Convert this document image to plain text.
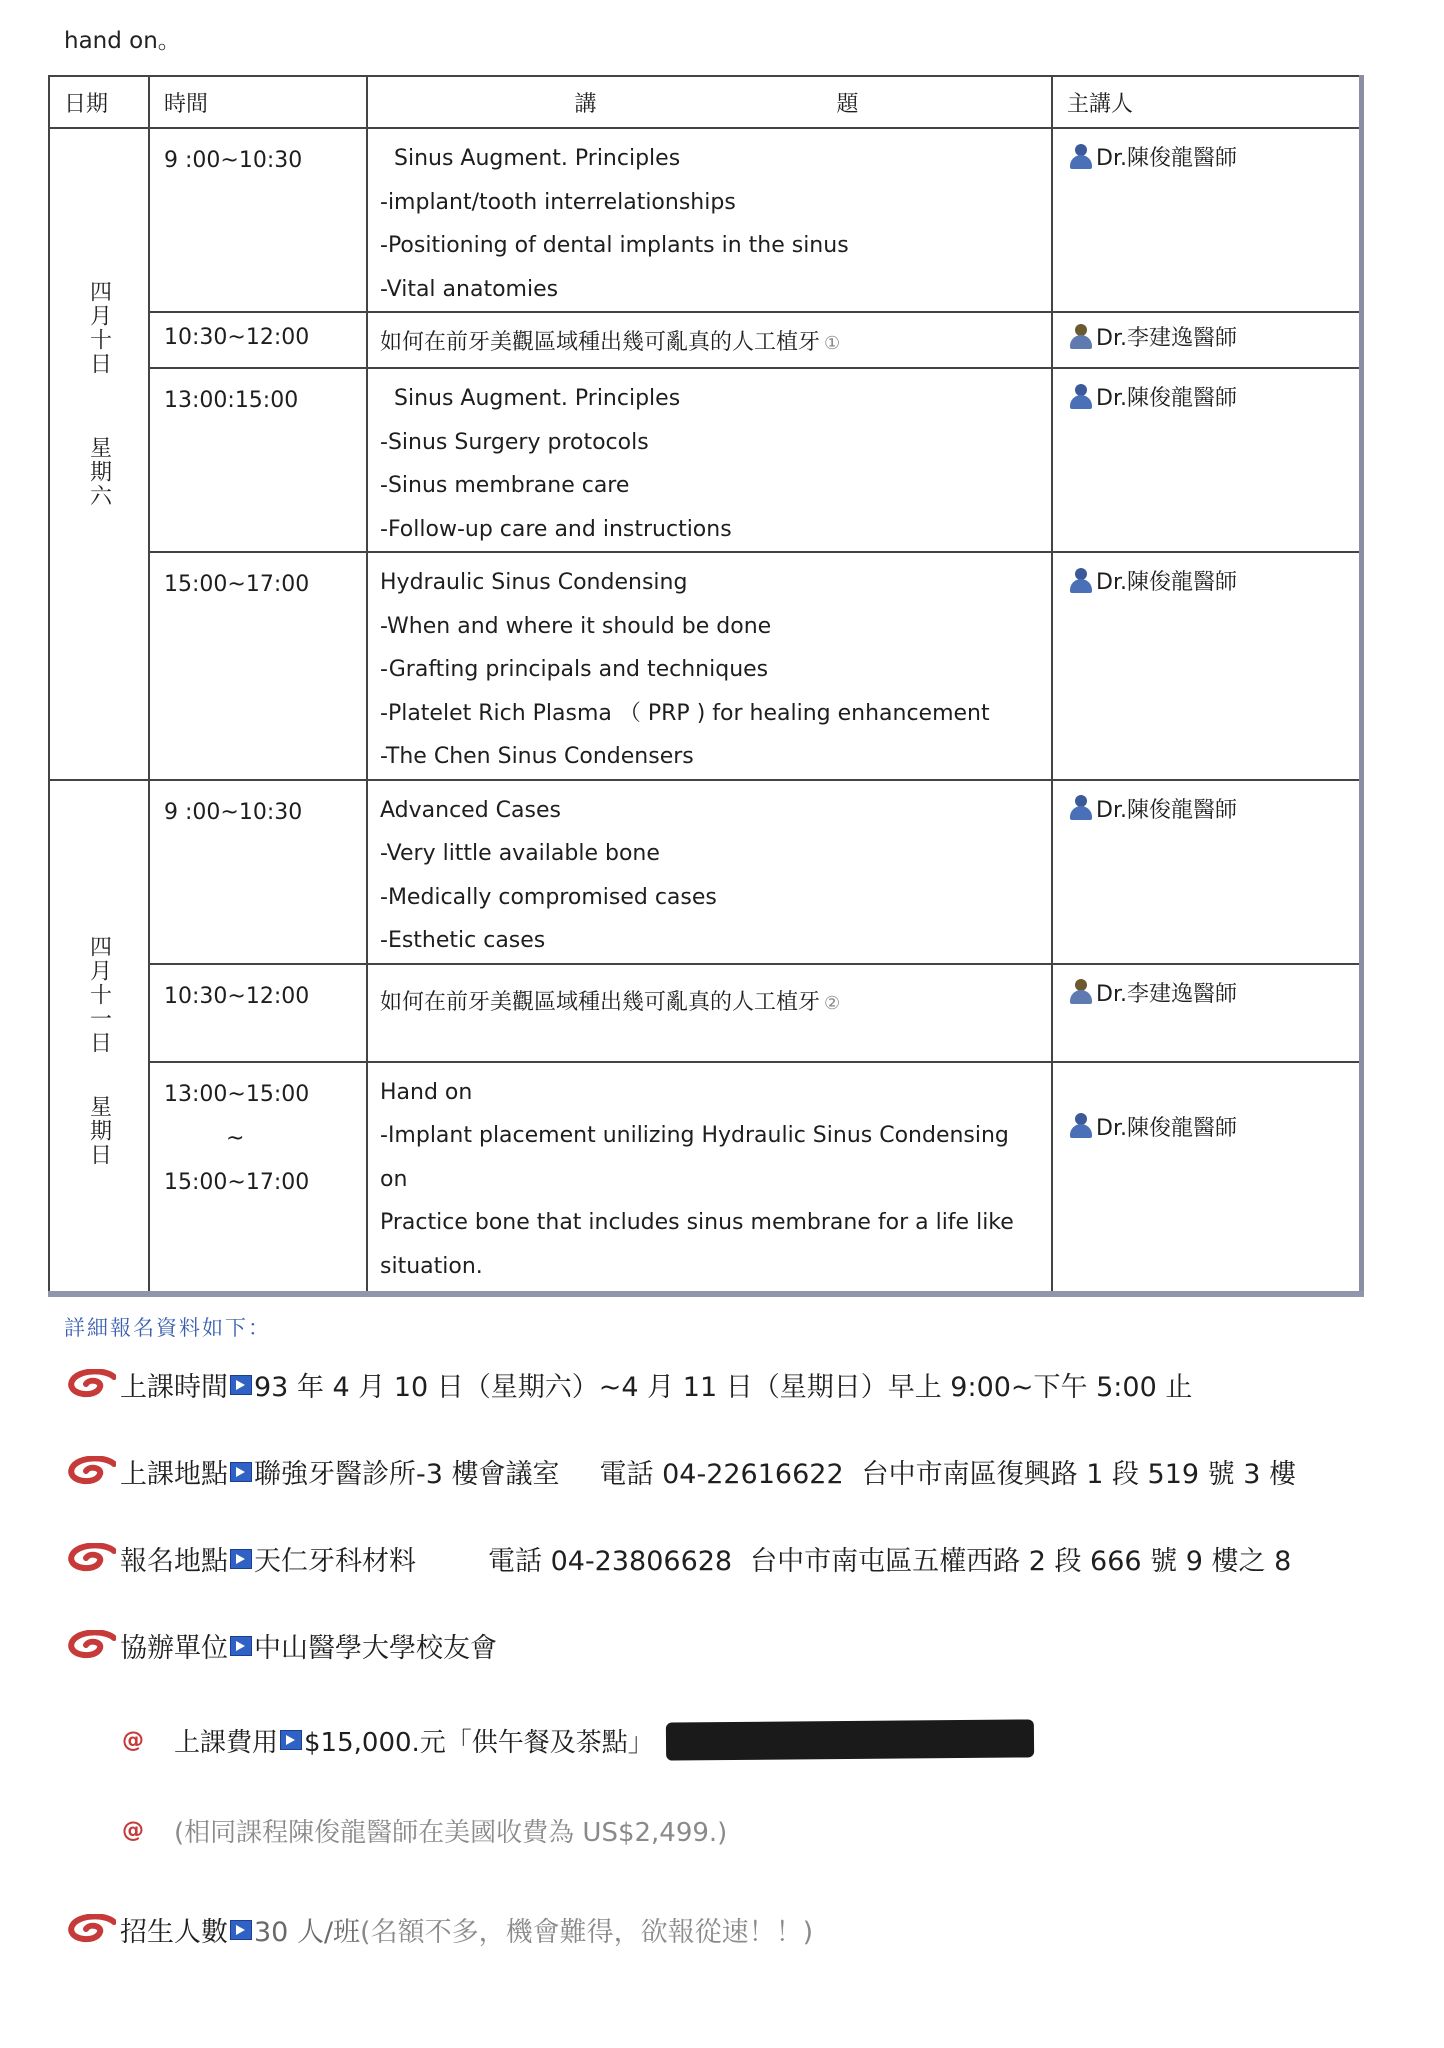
hand on。
日期	時間	講 題	主講人

四月十日星期六	9 :00~10:30	Sinus Augment. Principles
-implant/tooth interrelationships
-Positioning of dental implants in the sinus
-Vital anatomies	Dr.陳俊龍醫師

	10:30~12:00	如何在前牙美觀區域種出幾可亂真的人工植牙 ①	Dr.李建逸醫師

	13:00:15:00	Sinus Augment. Principles
-Sinus Surgery protocols
-Sinus membrane care
-Follow-up care and instructions	Dr.陳俊龍醫師

	15:00~17:00	Hydraulic Sinus Condensing
-When and where it should be done
-Grafting principals and techniques
-Platelet Rich Plasma （ PRP ) for healing enhancement
-The Chen Sinus Condensers	Dr.陳俊龍醫師

四月十一日星期日	9 :00~10:30	Advanced Cases
-Very little available bone
-Medically compromised cases
-Esthetic cases	Dr.陳俊龍醫師

	10:30~12:00	如何在前牙美觀區域種出幾可亂真的人工植牙 ②	Dr.李建逸醫師

	13:00~15:00
~
15:00~17:00	Hand on
-Implant placement unilizing Hydraulic Sinus Condensing on
Practice bone that includes sinus membrane for a life like
situation.	Dr.陳俊龍醫師
詳細報名資料如下：
上課時間 93 年 4 月 10 日（星期六）~4 月 11 日（星期日）早上 9:00~下午 5:00 止
上課地點 聯強牙醫診所-3 樓會議室 電話 04-22616622 台中市南區復興路 1 段 519 號 3 樓
報名地點 天仁牙科材料	電話 04-23806628 台中市南屯區五權西路 2 段 666 號 9 樓之 8
協辦單位 中山醫學大學校友會
@ 上課費用 $15,000.元「供午餐及茶點」
@ (相同課程陳俊龍醫師在美國收費為 US$2,499.)
招生人數 30 人/班 (名額不多，機會難得，欲報從速！！)
